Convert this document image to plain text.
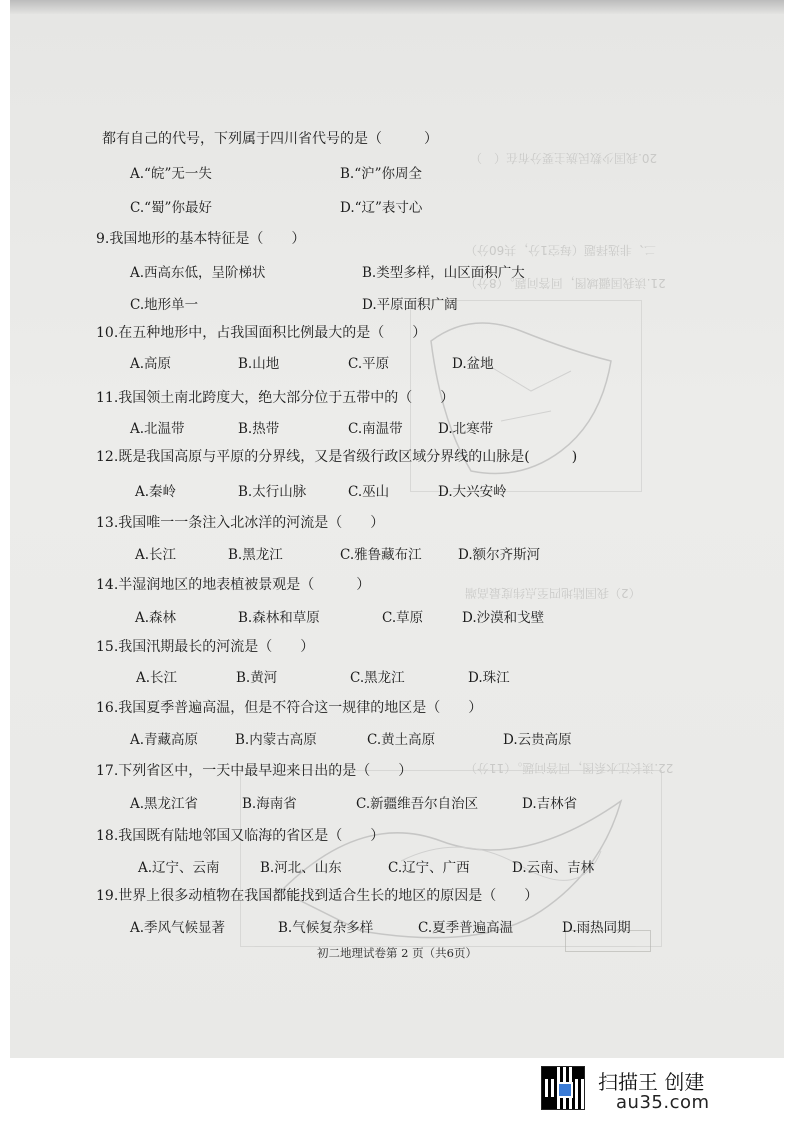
20.我国少数民族主要分布在（　）
二、非选择题（每空1分，共60分）
21.读我国疆域图，回答问题。（8分）
（2）我国陆地四至点纬度最高端
22.读长江水系图，回答问题。（11分）
都有自己的代号，下列属于四川省代号的是（　　　）
A.“皖”无一失	B.“沪”你周全
C.“蜀”你最好	D.“辽”表寸心
9.我国地形的基本特征是（　　）
A.西高东低，呈阶梯状	B.类型多样，山区面积广大
C.地形单一	D.平原面积广阔
10.在五种地形中，占我国面积比例最大的是（　　）
A.高原	B.山地	C.平原	D.盆地
11.我国领土南北跨度大，绝大部分位于五带中的（　　）
A.北温带	B.热带	C.南温带	D.北寒带
12.既是我国高原与平原的分界线，又是省级行政区域分界线的山脉是(　　　)
A.秦岭	B.太行山脉	C.巫山	D.大兴安岭
13.我国唯一一条注入北冰洋的河流是（　　）
A.长江	B.黑龙江	C.雅鲁藏布江	D.额尔齐斯河
14.半湿润地区的地表植被景观是（　　　）
A.森林	B.森林和草原	C.草原	D.沙漠和戈壁
15.我国汛期最长的河流是（　　）
A.长江	B.黄河	C.黑龙江	D.珠江
16.我国夏季普遍高温，但是不符合这一规律的地区是（　　）
A.青藏高原	B.内蒙古高原	C.黄土高原	D.云贵高原
17.下列省区中，一天中最早迎来日出的是（　　）
A.黑龙江省	B.海南省	C.新疆维吾尔自治区	D.吉林省
18.我国既有陆地邻国又临海的省区是（　　）
A.辽宁、云南	B.河北、山东	C.辽宁、广西	D.云南、吉林
19.世界上很多动植物在我国都能找到适合生长的地区的原因是（　　）
A.季风气候显著	B.气候复杂多样	C.夏季普遍高温	D.雨热同期
初二地理试卷第 2 页（共6页）
扫描王 创建
au35.com
